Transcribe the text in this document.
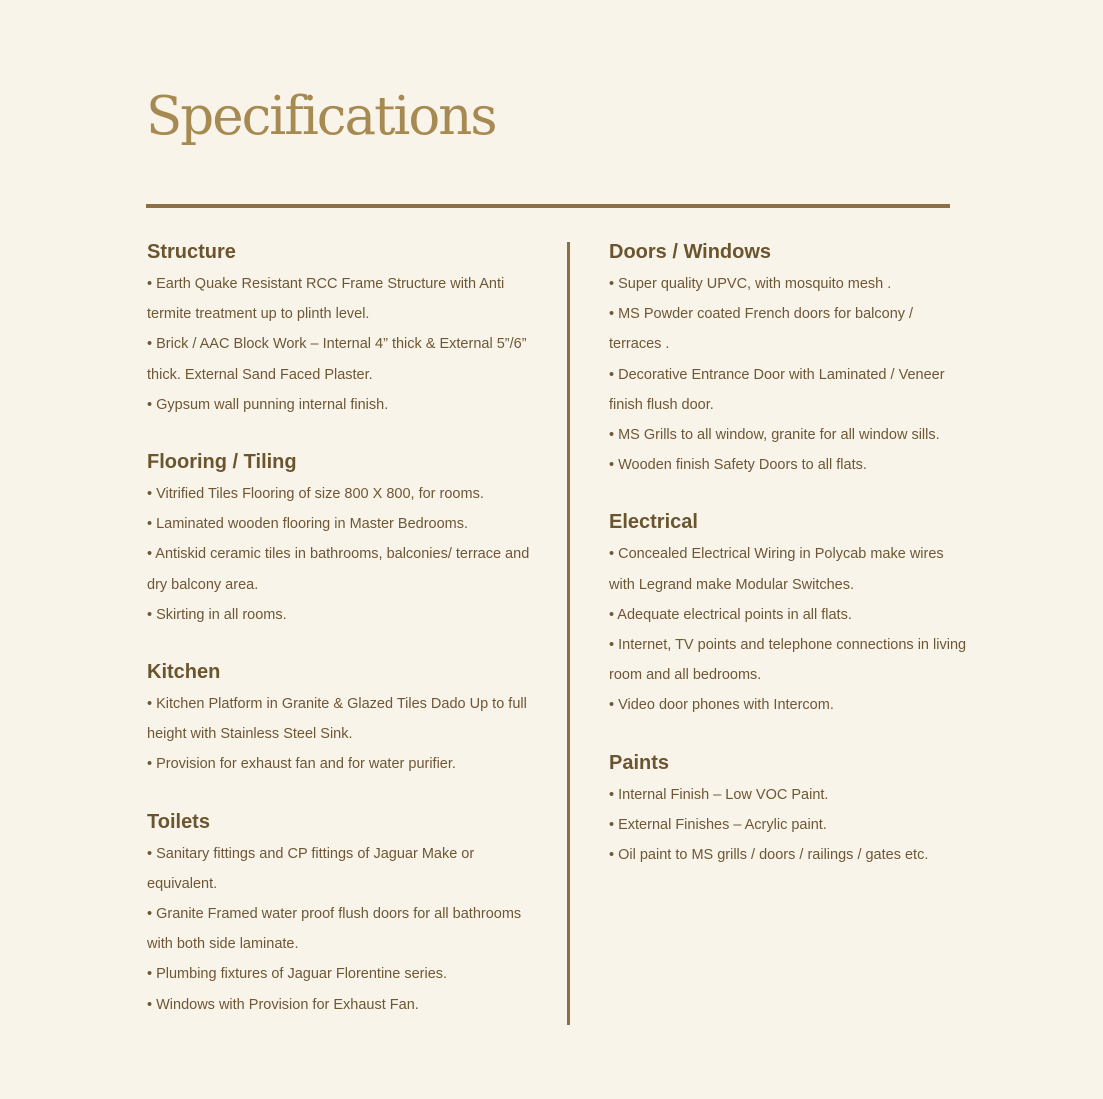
Specifications
Structure
• Earth Quake Resistant RCC Frame Structure with Anti termite treatment up to plinth level.
• Brick / AAC Block Work – Internal 4” thick & External 5”/6” thick. External Sand Faced Plaster.
• Gypsum wall punning internal finish.
Flooring / Tiling
• Vitrified Tiles Flooring of size 800 X 800, for rooms.
• Laminated wooden flooring in Master Bedrooms.
• Antiskid ceramic tiles in bathrooms, balconies/ terrace and dry balcony area.
• Skirting in all rooms.
Kitchen
• Kitchen Platform in Granite & Glazed Tiles Dado Up to full height with Stainless Steel Sink.
• Provision for exhaust fan and for water purifier.
Toilets
• Sanitary fittings and CP fittings of Jaguar Make or equivalent.
• Granite Framed water proof flush doors for all bathrooms with both side laminate.
• Plumbing fixtures of Jaguar Florentine series.
• Windows with Provision for Exhaust Fan.
Doors / Windows
• Super quality UPVC, with mosquito mesh .
• MS Powder coated French doors for balcony / terraces .
• Decorative Entrance Door with Laminated / Veneer finish flush door.
• MS Grills to all window, granite for all window sills.
• Wooden finish Safety Doors to all flats.
Electrical
• Concealed Electrical Wiring in Polycab make wires with Legrand make Modular Switches.
• Adequate electrical points in all flats.
• Internet, TV points and telephone connections in living room and all bedrooms.
• Video door phones with Intercom.
Paints
• Internal Finish – Low VOC Paint.
• External Finishes – Acrylic paint.
• Oil paint to MS grills / doors / railings / gates etc.
